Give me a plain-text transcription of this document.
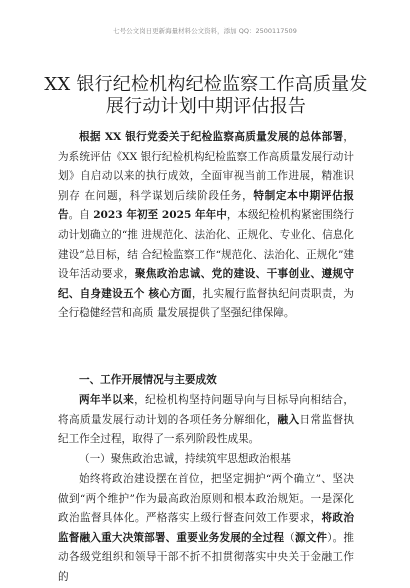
七号公文岗日更新海量材料公文资料，添加 QQ：2500117509
XX 银行纪检机构纪检监察工作高质量发展行动计划中期评估报告

根据 XX 银行党委关于纪检监察高质量发展的总体部署，为系统评估《XX 银行纪检机构纪检监察工作高质量发展行动计 划》自启动以来的执行成效，全面审视当前工作进展，精准识别存 在问题，科学谋划后续阶段任务，特制定本中期评估报告。自 2023 年初至 2025 年年中，本级纪检机构紧密围绕行动计划确立的“推 进规范化、法治化、正规化、专业化、信息化建设”总目标，结 合纪检监察工作“规范化、法治化、正规化”建设年活动要求，聚焦政治忠诚、党的建设、干事创业、遵规守纪、自身建设五个 核心方面，扎实履行监督执纪问责职责，为全行稳健经营和高质 量发展提供了坚强纪律保障。

一、工作开展情况与主要成效

两年半以来，纪检机构坚持问题导向与目标导向相结合，将高质量发展行动计划的各项任务分解细化，融入日常监督执纪工作全过程，取得了一系列阶段性成果。

（一）聚焦政治忠诚，持续筑牢思想政治根基

始终将政治建设摆在首位，把坚定拥护“两个确立”、坚决做到“两个维护”作为最高政治原则和根本政治规矩。一是深化政治监督具体化。严格落实上级行督查问效工作要求，将政治监督融入重大决策部署、重要业务发展的全过程（源文件）。推动各级党组织和领导干部不折不扣贯彻落实中央关于金融工作的
